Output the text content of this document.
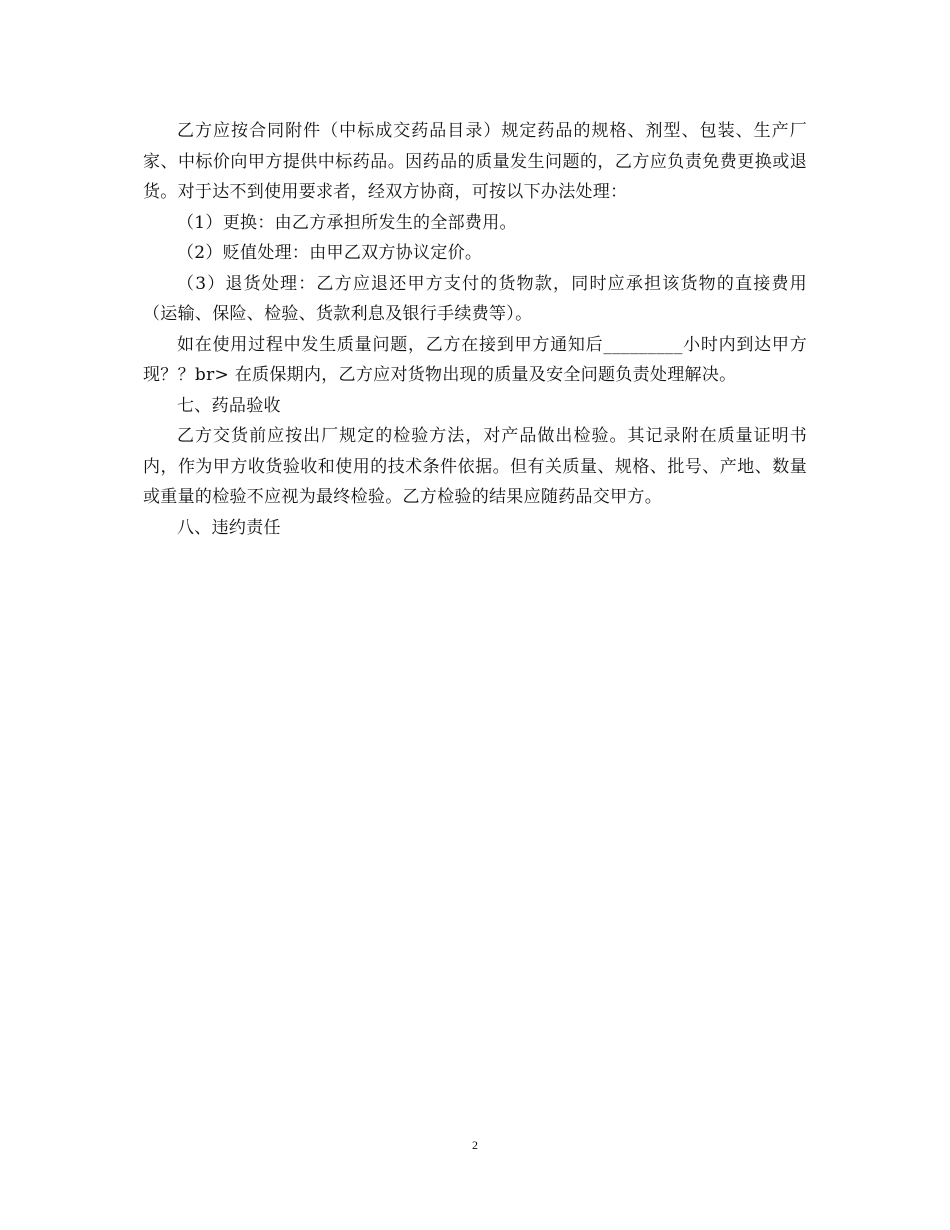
乙方应按合同附件（中标成交药品目录）规定药品的规格、剂型、包装、生产厂家、中标价向甲方提供中标药品。因药品的质量发生问题的，乙方应负责免费更换或退货。对于达不到使用要求者，经双方协商，可按以下办法处理：

（1）更换：由乙方承担所发生的全部费用。

（2）贬值处理：由甲乙双方协议定价。

（3）退货处理：乙方应退还甲方支付的货物款，同时应承担该货物的直接费用（运输、保险、检验、货款利息及银行手续费等）。

如在使用过程中发生质量问题，乙方在接到甲方通知后_________小时内到达甲方现？？br> 在质保期内，乙方应对货物出现的质量及安全问题负责处理解决。

七、药品验收

乙方交货前应按出厂规定的检验方法，对产品做出检验。其记录附在质量证明书内，作为甲方收货验收和使用的技术条件依据。但有关质量、规格、批号、产地、数量或重量的检验不应视为最终检验。乙方检验的结果应随药品交甲方。

八、违约责任

2
